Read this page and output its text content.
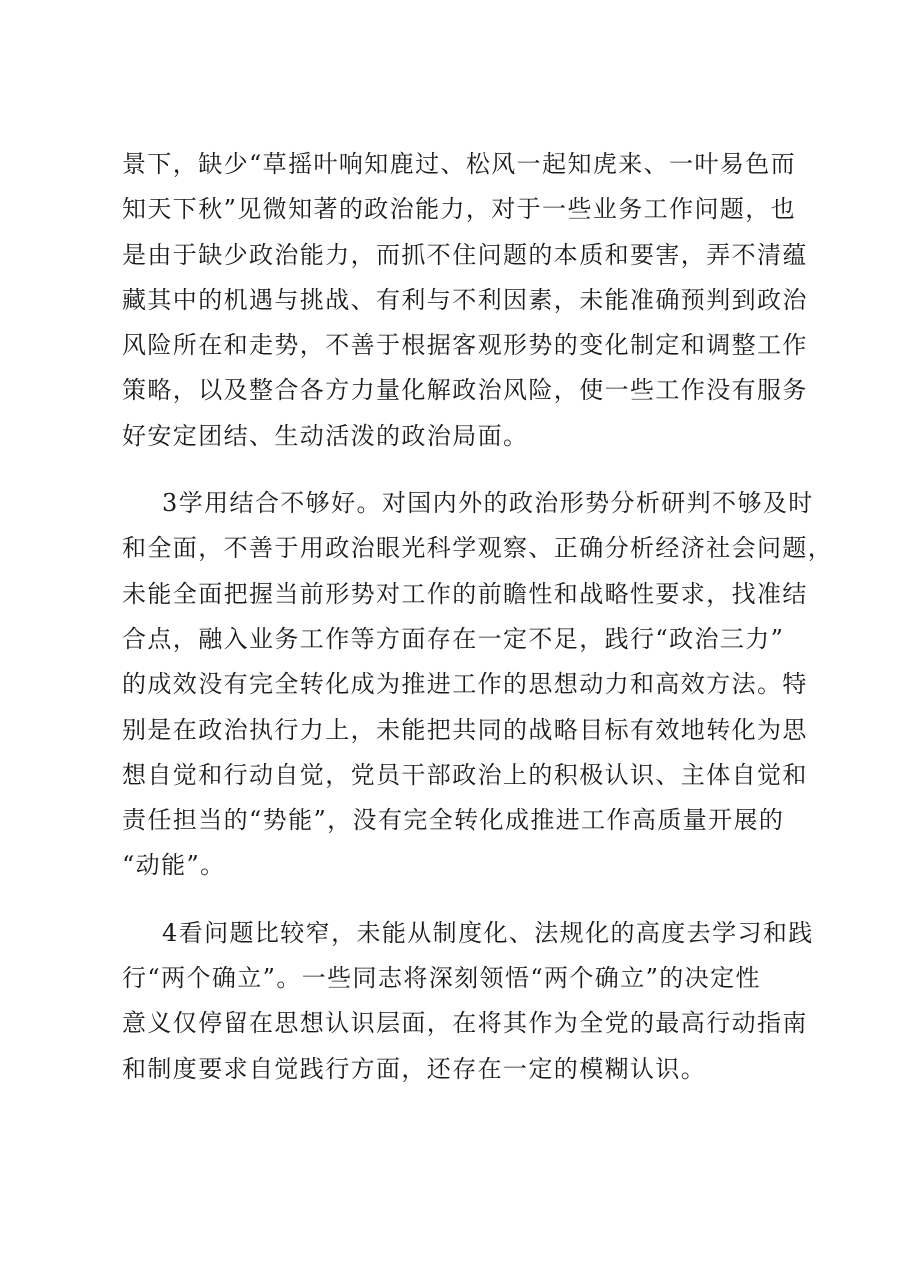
景下，缺少“草摇叶响知鹿过、松风一起知虎来、一叶易色而
知天下秋”见微知著的政治能力，对于一些业务工作问题，也
是由于缺少政治能力，而抓不住问题的本质和要害，弄不清蕴
藏其中的机遇与挑战、有利与不利因素，未能准确预判到政治
风险所在和走势，不善于根据客观形势的变化制定和调整工作
策略，以及整合各方力量化解政治风险，使一些工作没有服务
好安定团结、生动活泼的政治局面。
3学用结合不够好。对国内外的政治形势分析研判不够及时
和全面，不善于用政治眼光科学观察、正确分析经济社会问题，
未能全面把握当前形势对工作的前瞻性和战略性要求，找准结
合点，融入业务工作等方面存在一定不足，践行“政治三力”
的成效没有完全转化成为推进工作的思想动力和高效方法。特
别是在政治执行力上，未能把共同的战略目标有效地转化为思
想自觉和行动自觉，党员干部政治上的积极认识、主体自觉和
责任担当的“势能”，没有完全转化成推进工作高质量开展的
“动能”。
4看问题比较窄，未能从制度化、法规化的高度去学习和践
行“两个确立”。一些同志将深刻领悟“两个确立”的决定性
意义仅停留在思想认识层面，在将其作为全党的最高行动指南
和制度要求自觉践行方面，还存在一定的模糊认识。
